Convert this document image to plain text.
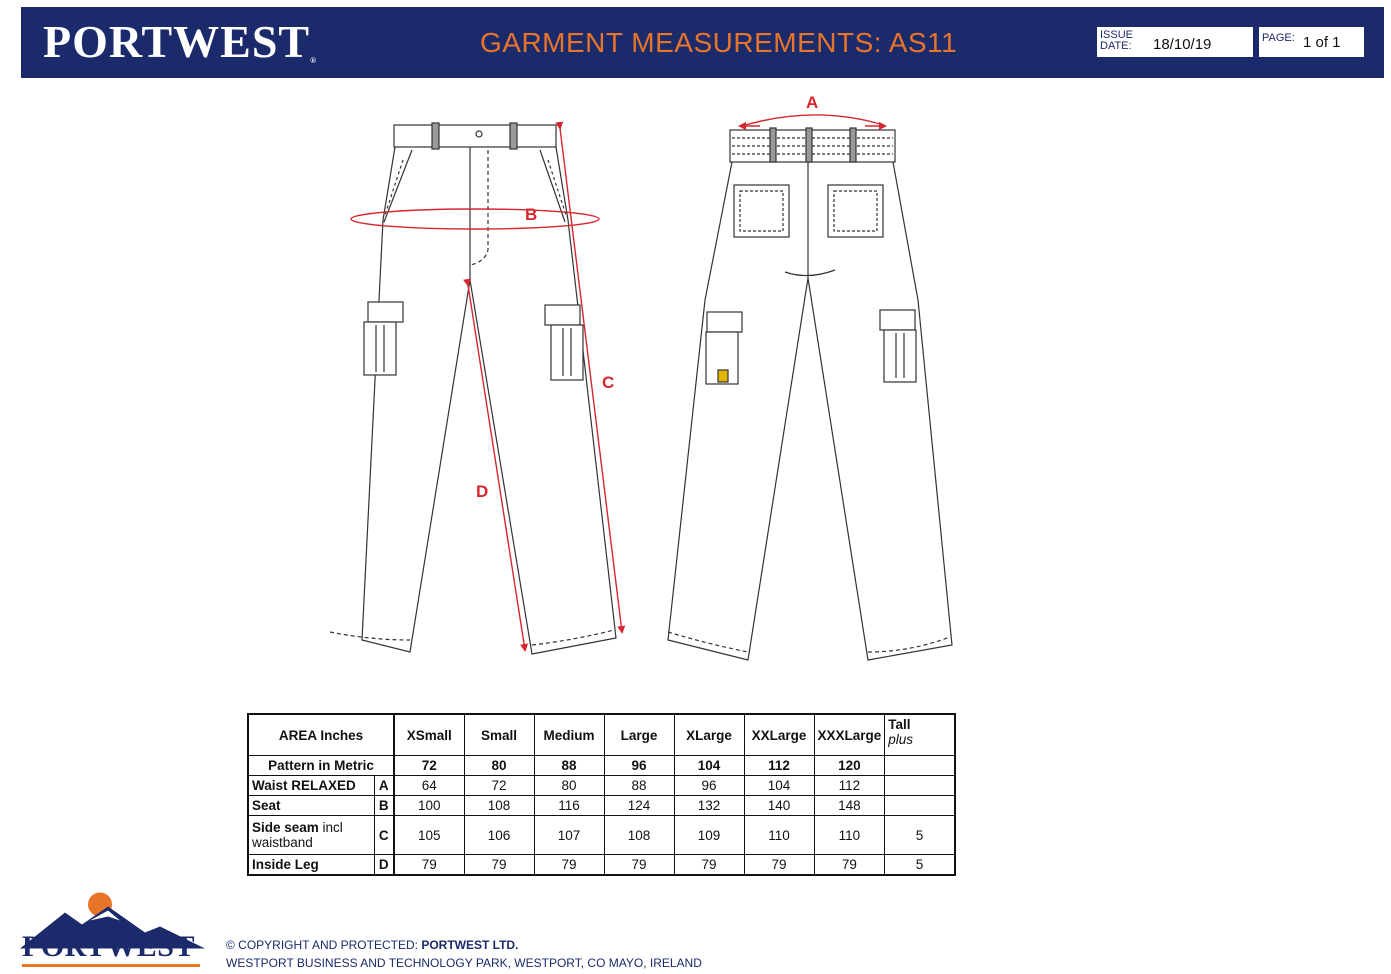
PORTWEST®
GARMENT MEASUREMENTS: AS11	ISSUE
DATE: 18/10/19	PAGE: 1 of 1
A
B
C
D
AREA Inches		XSmall	Small	Medium	Large	XLarge	XXLarge	XXXLarge	Tall
plus

Pattern in Metric		72	80	88	96	104	112	120	
Waist RELAXED	A	64	72	80	88	96	104	112	
Seat	B	100	108	116	124	132	140	148	
Side seam incl
waistband	C	105	106	107	108	109	110	110	5
Inside Leg	D	79	79	79	79	79	79	79	5
PORTWEST	© COPYRIGHT AND PROTECTED: PORTWEST LTD.
WESTPORT BUSINESS AND TECHNOLOGY PARK, WESTPORT, CO MAYO, IRELAND
